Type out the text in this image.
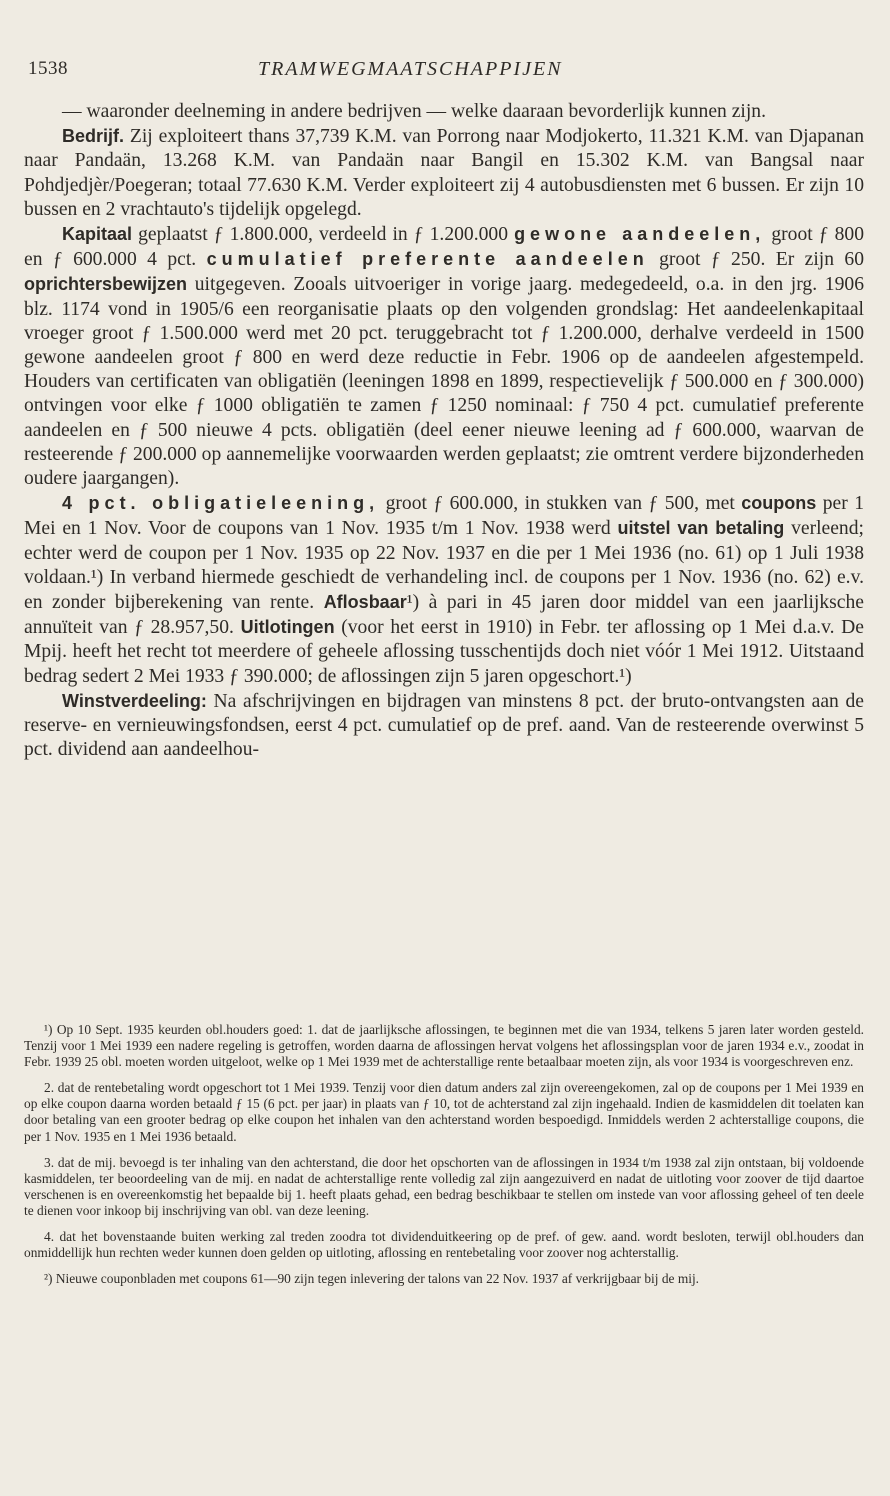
1538	TRAMWEGMAATSCHAPPIJEN

— waaronder deelneming in andere bedrijven — welke daaraan bevorderlijk kunnen zijn.

Bedrijf. Zij exploiteert thans 37,739 K.M. van Porrong naar Modjokerto, 11.321 K.M. van Djapanan naar Pandaän, 13.268 K.M. van Pandaän naar Bangil en 15.302 K.M. van Bangsal naar Pohdjedjèr/Poegeran; totaal 77.630 K.M. Verder exploiteert zij 4 autobusdiensten met 6 bussen. Er zijn 10 bussen en 2 vrachtauto's tijdelijk opgelegd.

Kapitaal geplaatst ƒ 1.800.000, verdeeld in ƒ 1.200.000 gewone aandeelen, groot ƒ 800 en ƒ 600.000 4 pct. cumulatief preferente aandeelen groot ƒ 250. Er zijn 60 oprichtersbewijzen uitgegeven. Zooals uitvoeriger in vorige jaarg. medegedeeld, o.a. in den jrg. 1906 blz. 1174 vond in 1905/6 een reorganisatie plaats op den volgenden grondslag: Het aandeelenkapitaal vroeger groot ƒ 1.500.000 werd met 20 pct. teruggebracht tot ƒ 1.200.000, derhalve verdeeld in 1500 gewone aandeelen groot ƒ 800 en werd deze reductie in Febr. 1906 op de aandeelen afgestempeld. Houders van certificaten van obligatiën (leeningen 1898 en 1899, respectievelijk ƒ 500.000 en ƒ 300.000) ontvingen voor elke ƒ 1000 obligatiën te zamen ƒ 1250 nominaal: ƒ 750 4 pct. cumulatief preferente aandeelen en ƒ 500 nieuwe 4 pcts. obligatiën (deel eener nieuwe leening ad ƒ 600.000, waarvan de resteerende ƒ 200.000 op aannemelijke voorwaarden werden geplaatst; zie omtrent verdere bijzonderheden oudere jaargangen).

4 pct. obligatieleening, groot ƒ 600.000, in stukken van ƒ 500, met coupons per 1 Mei en 1 Nov. Voor de coupons van 1 Nov. 1935 t/m 1 Nov. 1938 werd uitstel van betaling verleend; echter werd de coupon per 1 Nov. 1935 op 22 Nov. 1937 en die per 1 Mei 1936 (no. 61) op 1 Juli 1938 voldaan.¹) In verband hiermede geschiedt de verhandeling incl. de coupons per 1 Nov. 1936 (no. 62) e.v. en zonder bijberekening van rente. Aflosbaar¹) à pari in 45 jaren door middel van een jaarlijksche annuïteit van ƒ 28.957,50. Uitlotingen (voor het eerst in 1910) in Febr. ter aflossing op 1 Mei d.a.v. De Mpij. heeft het recht tot meerdere of geheele aflossing tusschentijds doch niet vóór 1 Mei 1912. Uitstaand bedrag sedert 2 Mei 1933 ƒ 390.000; de aflossingen zijn 5 jaren opgeschort.¹)

Winstverdeeling: Na afschrijvingen en bijdragen van minstens 8 pct. der bruto-ontvangsten aan de reserve- en vernieuwingsfondsen, eerst 4 pct. cumulatief op de pref. aand. Van de resteerende overwinst 5 pct. dividend aan aandeelhou-

¹) Op 10 Sept. 1935 keurden obl.houders goed: 1. dat de jaarlijksche aflossingen, te beginnen met die van 1934, telkens 5 jaren later worden gesteld. Tenzij voor 1 Mei 1939 een nadere regeling is getroffen, worden daarna de aflossingen hervat volgens het aflossingsplan voor de jaren 1934 e.v., zoodat in Febr. 1939 25 obl. moeten worden uitgeloot, welke op 1 Mei 1939 met de achterstallige rente betaalbaar moeten zijn, als voor 1934 is voorgeschreven enz.

2. dat de rentebetaling wordt opgeschort tot 1 Mei 1939. Tenzij voor dien datum anders zal zijn overeengekomen, zal op de coupons per 1 Mei 1939 en op elke coupon daarna worden betaald ƒ 15 (6 pct. per jaar) in plaats van ƒ 10, tot de achterstand zal zijn ingehaald. Indien de kasmiddelen dit toelaten kan door betaling van een grooter bedrag op elke coupon het inhalen van den achterstand worden bespoedigd. Inmiddels werden 2 achterstallige coupons, die per 1 Nov. 1935 en 1 Mei 1936 betaald.

3. dat de mij. bevoegd is ter inhaling van den achterstand, die door het opschorten van de aflossingen in 1934 t/m 1938 zal zijn ontstaan, bij voldoende kasmiddelen, ter beoordeeling van de mij. en nadat de achterstallige rente volledig zal zijn aangezuiverd en nadat de uitloting voor zoover de tijd daartoe verschenen is en overeenkomstig het bepaalde bij 1. heeft plaats gehad, een bedrag beschikbaar te stellen om instede van voor aflossing geheel of ten deele te dienen voor inkoop bij inschrijving van obl. van deze leening.

4. dat het bovenstaande buiten werking zal treden zoodra tot dividenduitkeering op de pref. of gew. aand. wordt besloten, terwijl obl.houders dan onmiddellijk hun rechten weder kunnen doen gelden op uitloting, aflossing en rentebetaling voor zoover nog achterstallig.

²) Nieuwe couponbladen met coupons 61—90 zijn tegen inlevering der talons van 22 Nov. 1937 af verkrijgbaar bij de mij.
